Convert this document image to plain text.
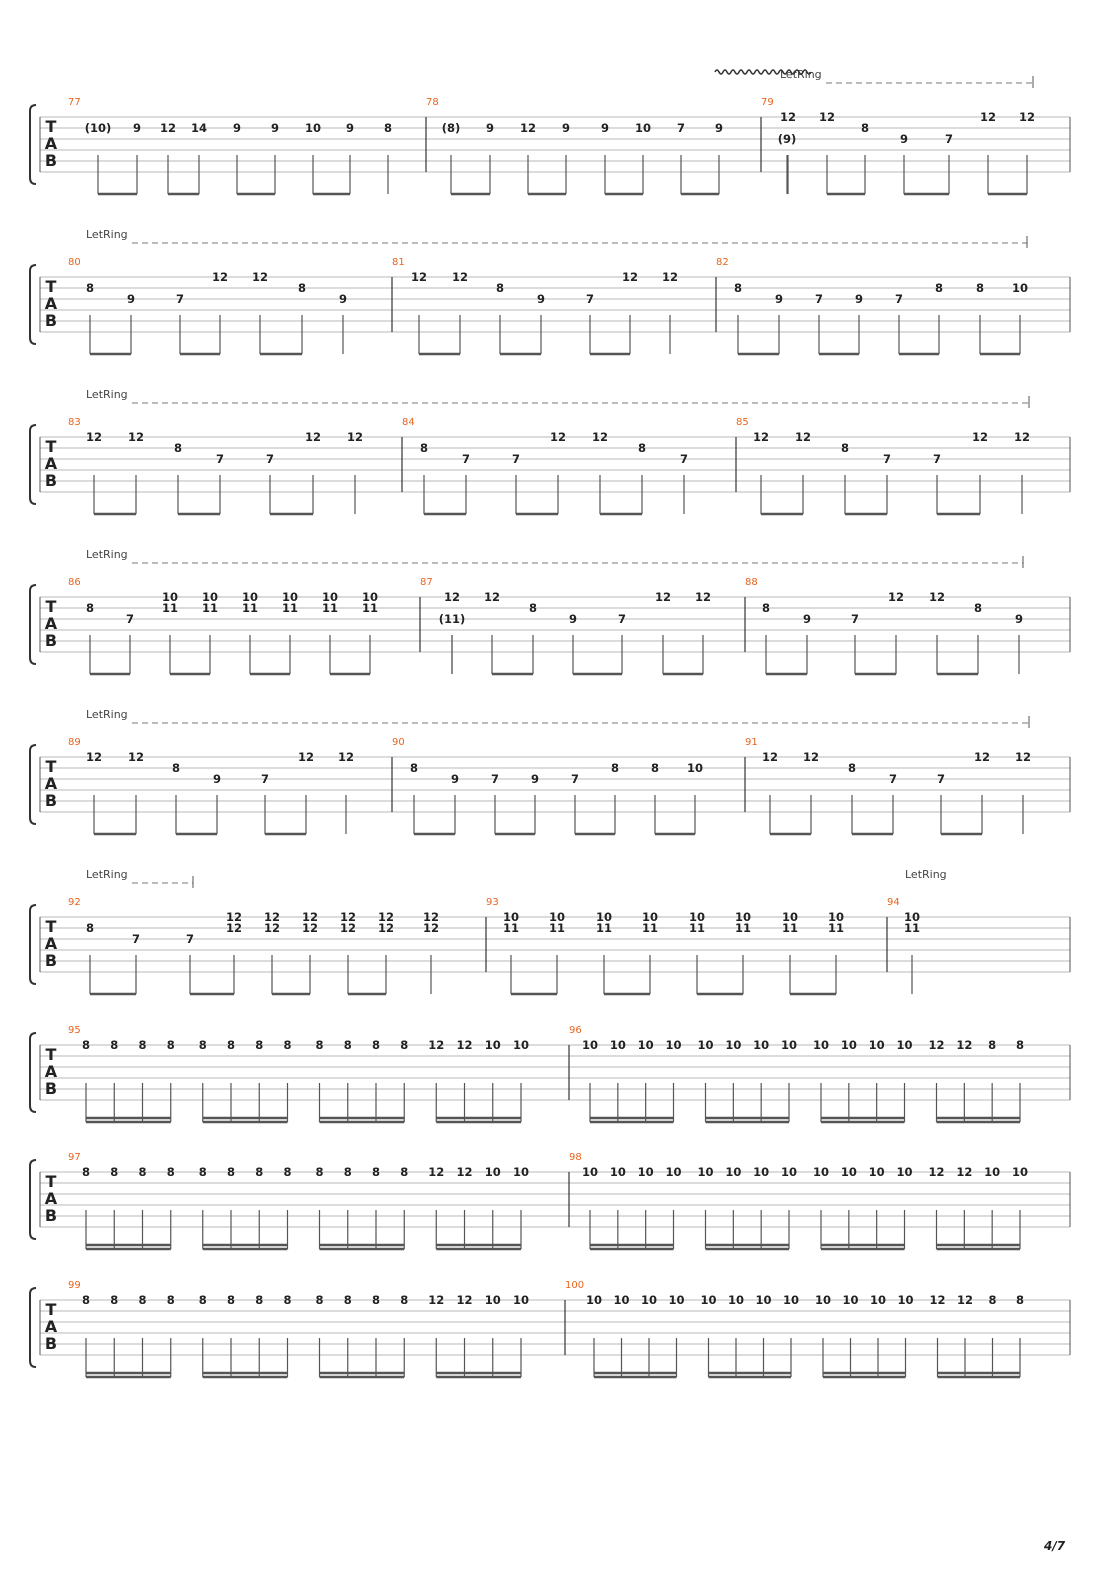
T
A
B
LetRing
77
(10) 9 12 14 9	9 10 9	8
78
(8) 9 12 9	9 10 7	9
79
(9)
12 12
8
9	7
12 12
T
A
B
LetRing
80
8
9	7
12 12
8
9
81
12 12
8
9	7
12 12
82
8
9	7	9	7
8	8 10
T
A
B
LetRing
83
12 12
8
7	7
12 12
84
8
7	7
12 12
8
7
85
12 12
8
7	7
12 12
T
A
B
LetRing
86
8
7
10
11
10
11
10
11
10
11
10
11
10
11
87
(11)
12 12
8
9	7
12 12
88
8
9	7
12 12
8
9
T
A
B
LetRing
89
12 12
8
9	7
12 12
90
8
9	7	9	7
8	8 10
91
12 12
8
7	7
12 12
T
A
B
LetRing	LetRing
92
8
7	7
12
12
12
12
12
12
12
12
12
12
12
12
93
10
11
10
11
10
11
10
11
10
11
10
11
10
11
10
11
94
10
11
T
A
B
95
8 8 8 8 8 8 8 8 8 8 8 8 12 12 10 10
96
10 10 10 10 10 10 10 10 10 10 10 10 12 12 8 8
T
A
B
97
8 8 8 8 8 8 8 8 8 8 8 8 12 12 10 10
98
10 10 10 10 10 10 10 10 10 10 10 10 12 12 10 10
T
A
B
99
8 8 8 8 8 8 8 8 8 8 8 8 12 12 10 10
100
10 10 10 10 10 10 10 10 10 10 10 10 12 12 8 8
4/7
